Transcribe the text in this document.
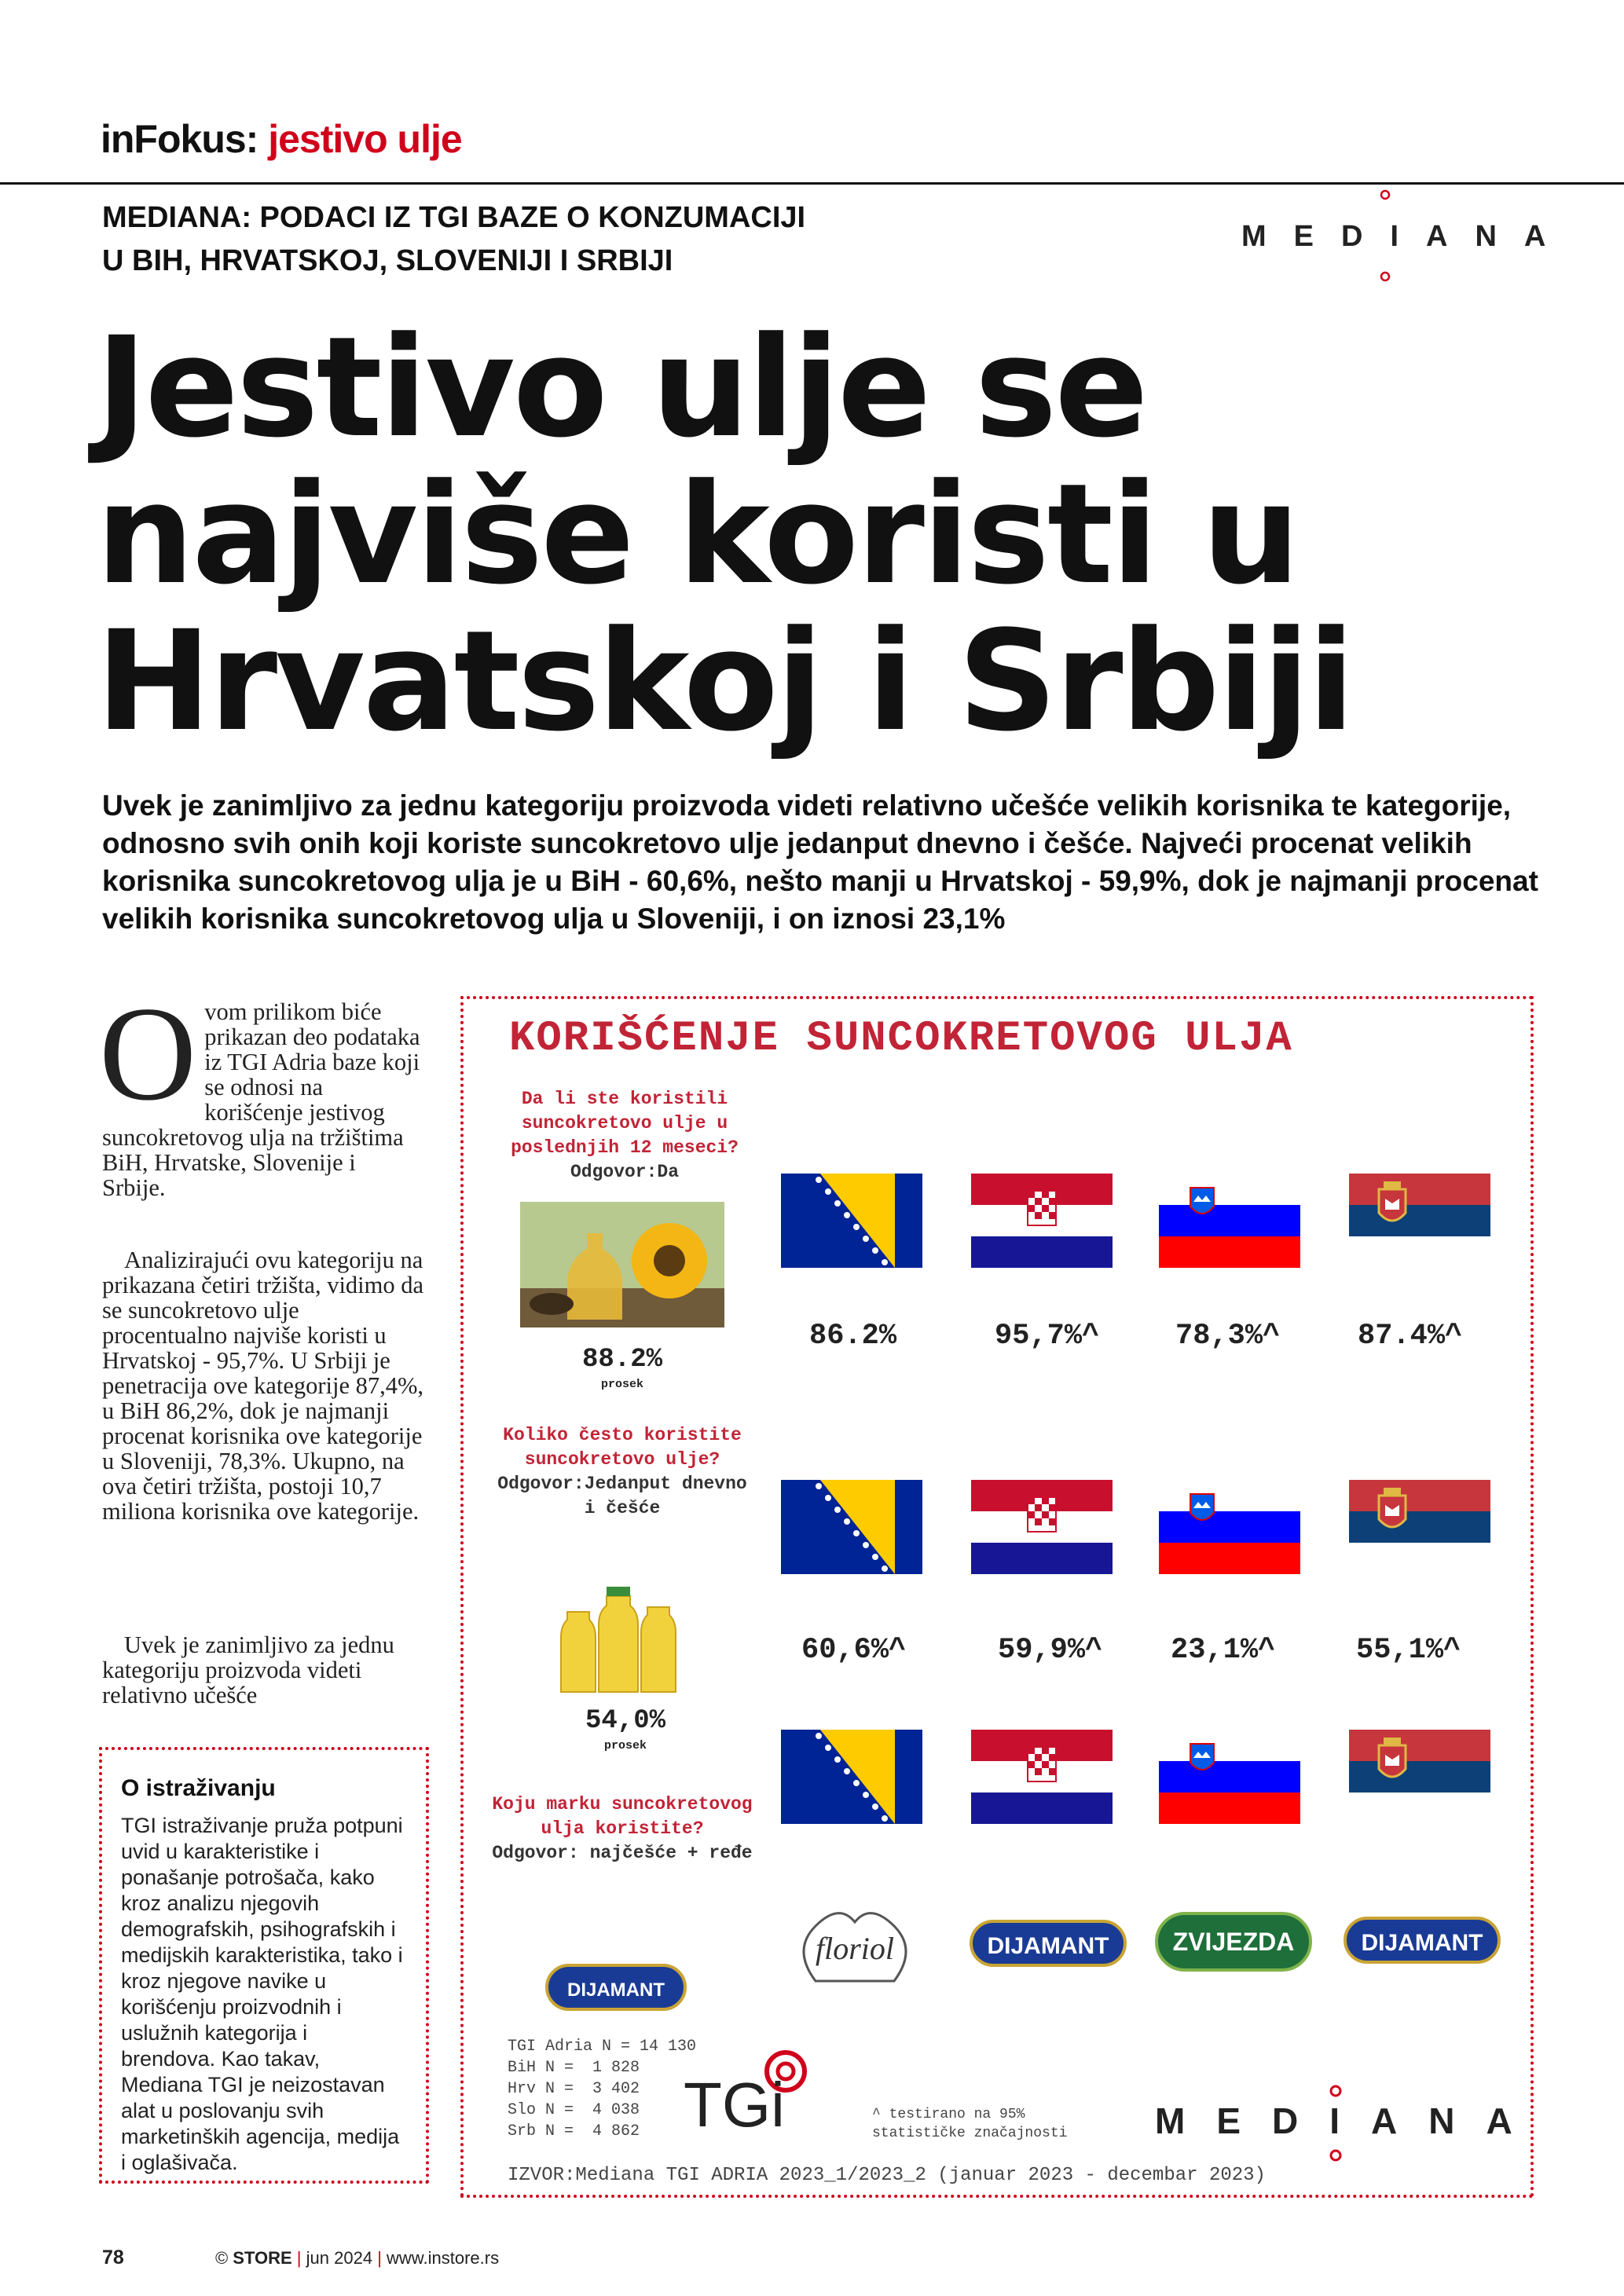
inFokus: jestivo ulje
MEDIANA: PODACI IZ TGI BAZE O KONZUMACIJI U BIH, HRVATSKOJ, SLOVENIJI I SRBIJI
MEDIANA
Jestivo ulje se
najviše koristi u
Hrvatskoj i Srbiji
Uvek je zanimljivo za jednu kategoriju proizvoda videti relativno učešće velikih korisnika te kategorije, odnosno svih onih koji koriste suncokretovo ulje jedanput dnevno i češće. Najveći procenat velikih korisnika suncokretovog ulja je u BiH - 60,6%, nešto manji u Hrvatskoj - 59,9%, dok je najmanji procenat velikih korisnika suncokretovog ulja u Sloveniji, i on iznosi 23,1%
Ovom prilikom biće prikazan deo podataka iz TGI Adria baze koji se odnosi na korišćenje jestivog suncokretovog ulja na tržištima BiH, Hrvatske, Slovenije i Srbije.
Analizirajući ovu kategoriju na prikazana četiri tržišta, vidimo da se suncokretovo ulje procentualno najviše koristi u Hrvatskoj - 95,7%. U Srbiji je penetracija ove kategorije 87,4%, u BiH 86,2%, dok je najmanji procenat korisnika ove kategorije u Sloveniji, 78,3%. Ukupno, na ova četiri tržišta, postoji 10,7 miliona korisnika ove kategorije.
Uvek je zanimljivo za jednu kategoriju proizvoda videti relativno učešće
O istraživanju
TGI istraživanje pruža potpuni uvid u karakteristike i ponašanje potrošača, kako kroz analizu njegovih demografskih, psihografskih i medijskih karakteristika, tako i kroz njegove navike u korišćenju proizvodnih i uslužnih kategorija i brendova. Kao takav, Mediana TGI je neizostavan alat u poslovanju svih marketinških agencija, medija i oglašivača.
KORIŠĆENJE SUNCOKRETOVOG ULJA
Da li ste koristili suncokretovo ulje u poslednjih 12 meseci?
Odgovor:Da
88.2%
prosek
86.2%	95,7%^	78,3%^	87.4%^
Koliko često koristite suncokretovo ulje?
Odgovor:Jedanput dnevno i češće
54,0%
prosek
60,6%^	59,9%^ 23,1%^	55,1%^
Koju marku suncokretovog ulja koristite?
Odgovor: najčešće + ređe
DIJAMANT
floriol	DIJAMANT	ZVIJEZDA	DIJAMANT
TGI Adria N = 14 130
BiH N =  1 828
Hrv N =  3 402
Slo N =  4 038
Srb N =  4 862 TGi	^ testirano na 95% statističke značajnosti MEDIANA
IZVOR:Mediana TGI ADRIA 2023_1/2023_2 (januar 2023 - decembar 2023)
78	© STORE | jun 2024 | www.instore.rs
